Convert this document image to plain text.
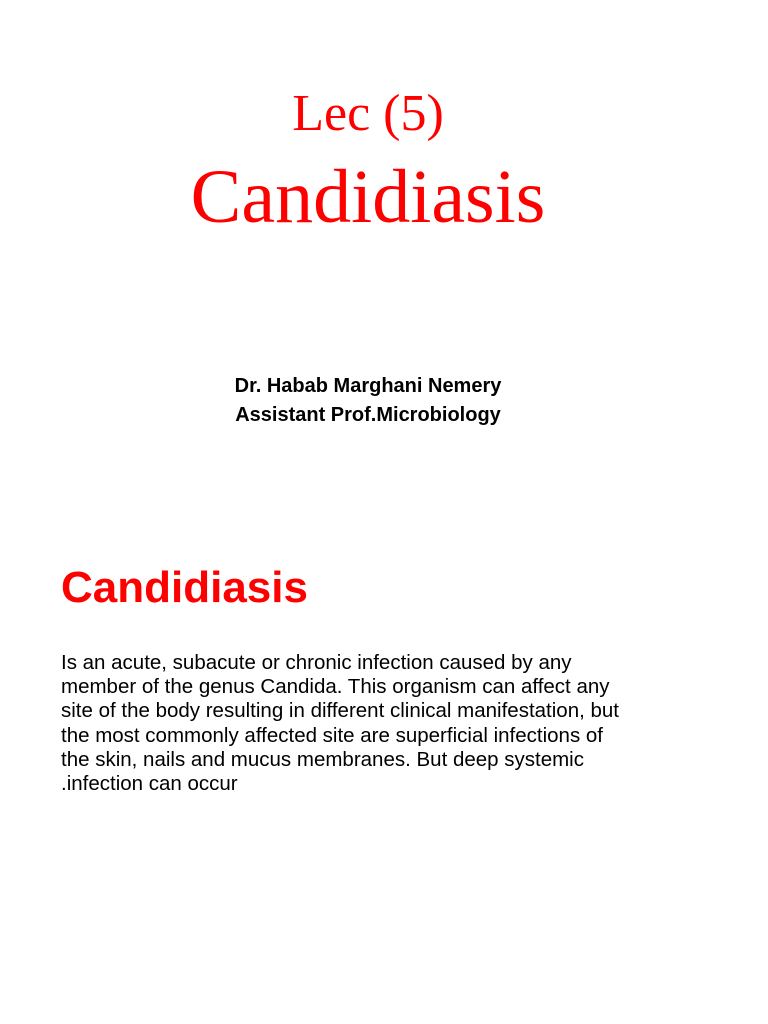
Lec (5)
Candidiasis
Dr. Habab Marghani Nemery
Assistant Prof.Microbiology
Candidiasis
Is an acute, subacute or chronic infection caused by any
member of the genus Candida. This organism can affect any
site of the body resulting in different clinical manifestation, but
the most commonly affected site are superficial infections of
the skin, nails and mucus membranes. But deep systemic
.infection can occur
